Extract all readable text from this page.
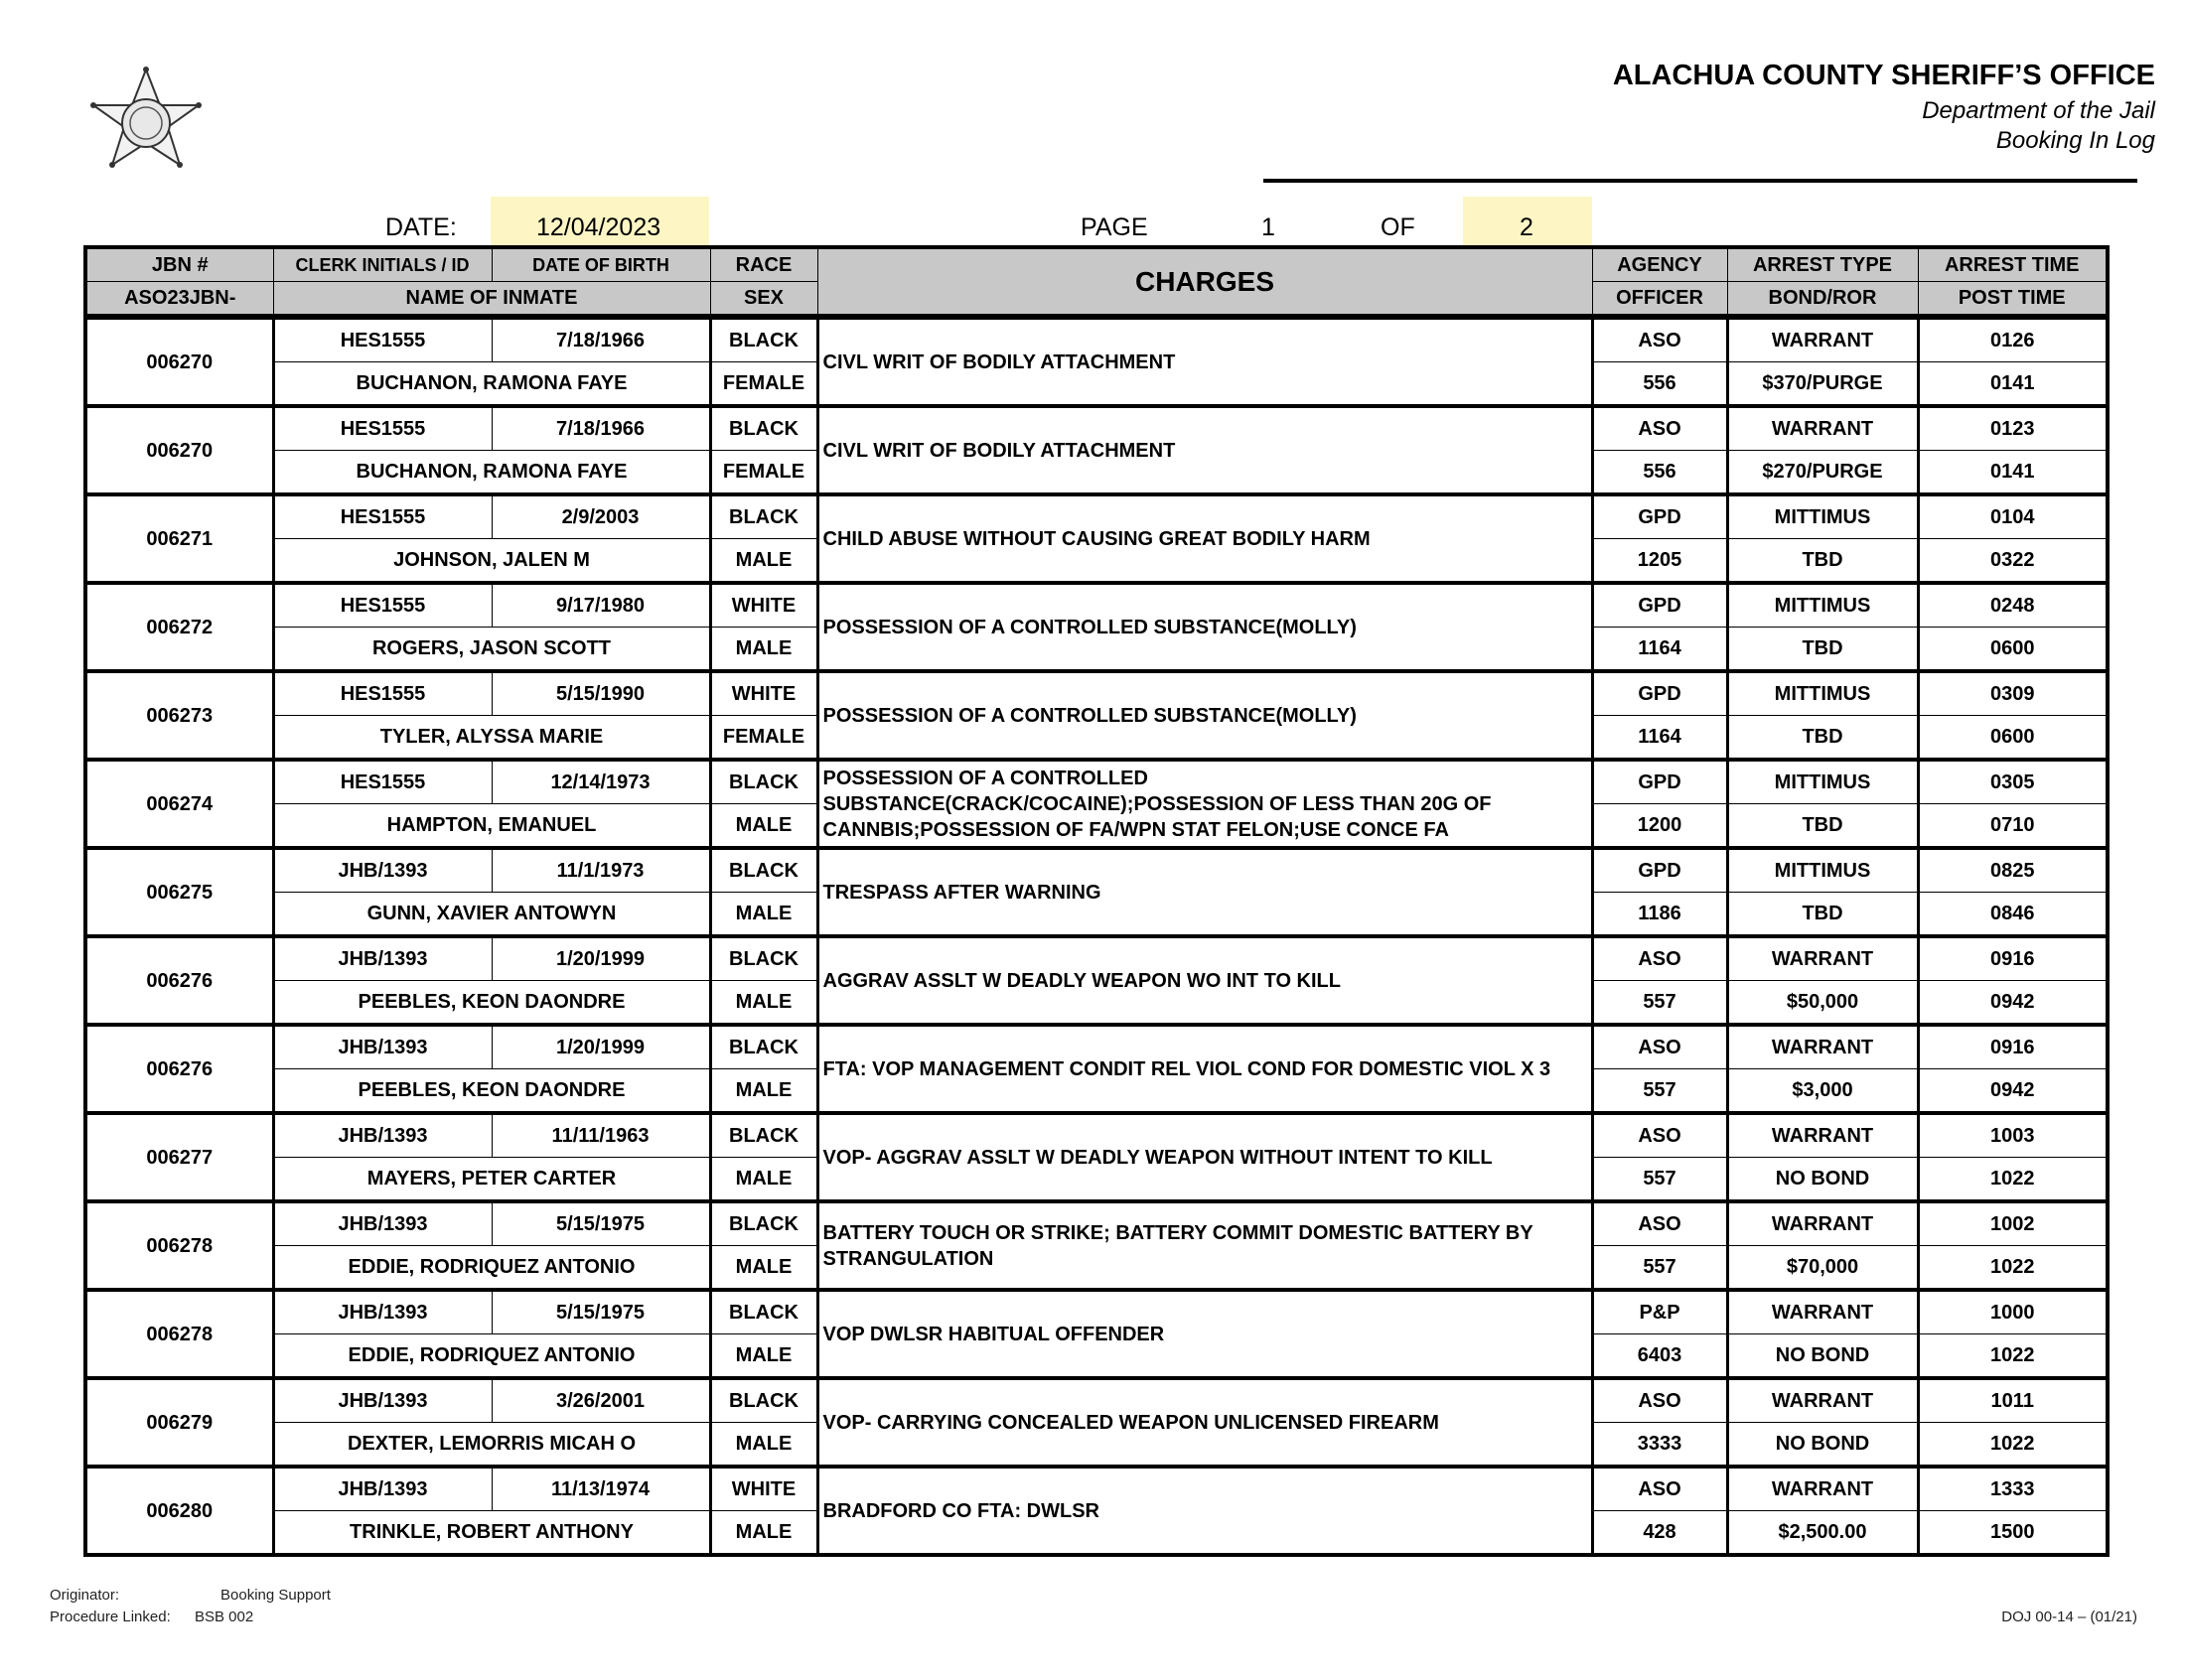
ALACHUA COUNTY SHERIFF’S OFFICE
Department of the Jail
Booking In Log
DATE:	12/04/2023	PAGE	1	OF	2
JBN #	CLERK INITIALS / ID	DATE OF BIRTH	RACE	CHARGES	AGENCY	ARREST TYPE	ARREST TIME
ASO23JBN-	NAME OF INMATE		SEX		OFFICER	BOND/ROR	POST TIME
006270	HES1555	7/18/1966	BLACK	CIVL WRIT OF BODILY ATTACHMENT	ASO	WARRANT	0126
	BUCHANON, RAMONA FAYE		FEMALE		556	$370/PURGE	0141
006270	HES1555	7/18/1966	BLACK	CIVL WRIT OF BODILY ATTACHMENT	ASO	WARRANT	0123
	BUCHANON, RAMONA FAYE		FEMALE		556	$270/PURGE	0141
006271	HES1555	2/9/2003	BLACK	CHILD ABUSE WITHOUT CAUSING GREAT BODILY HARM	GPD	MITTIMUS	0104
	JOHNSON, JALEN M		MALE		1205	TBD	0322
006272	HES1555	9/17/1980	WHITE	POSSESSION OF A CONTROLLED SUBSTANCE(MOLLY)	GPD	MITTIMUS	0248
	ROGERS, JASON SCOTT		MALE		1164	TBD	0600
006273	HES1555	5/15/1990	WHITE	POSSESSION OF A CONTROLLED SUBSTANCE(MOLLY)	GPD	MITTIMUS	0309
	TYLER, ALYSSA MARIE		FEMALE		1164	TBD	0600
006274	HES1555	12/14/1973	BLACK	POSSESSION OF A CONTROLLED SUBSTANCE(CRACK/COCAINE);POSSESSION OF LESS THAN 20G OF CANNBIS;POSSESSION OF FA/WPN STAT FELON;USE CONCE FA	GPD	MITTIMUS	0305
	HAMPTON, EMANUEL		MALE		1200	TBD	0710
006275	JHB/1393	11/1/1973	BLACK	TRESPASS AFTER WARNING	GPD	MITTIMUS	0825
	GUNN, XAVIER ANTOWYN		MALE		1186	TBD	0846
006276	JHB/1393	1/20/1999	BLACK	AGGRAV ASSLT W DEADLY WEAPON WO INT TO KILL	ASO	WARRANT	0916
	PEEBLES, KEON DAONDRE		MALE		557	$50,000	0942
006276	JHB/1393	1/20/1999	BLACK	FTA: VOP MANAGEMENT CONDIT REL VIOL COND FOR DOMESTIC VIOL X 3	ASO	WARRANT	0916
	PEEBLES, KEON DAONDRE		MALE		557	$3,000	0942
006277	JHB/1393	11/11/1963	BLACK	VOP- AGGRAV ASSLT W DEADLY WEAPON WITHOUT INTENT TO KILL	ASO	WARRANT	1003
	MAYERS, PETER CARTER		MALE		557	NO BOND	1022
006278	JHB/1393	5/15/1975	BLACK	BATTERY TOUCH OR STRIKE; BATTERY COMMIT DOMESTIC BATTERY BY STRANGULATION	ASO	WARRANT	1002
	EDDIE, RODRIQUEZ ANTONIO		MALE		557	$70,000	1022
006278	JHB/1393	5/15/1975	BLACK	VOP DWLSR HABITUAL OFFENDER	P&P	WARRANT	1000
	EDDIE, RODRIQUEZ ANTONIO		MALE		6403	NO BOND	1022
006279	JHB/1393	3/26/2001	BLACK	VOP- CARRYING CONCEALED WEAPON UNLICENSED FIREARM	ASO	WARRANT	1011
	DEXTER, LEMORRIS MICAH O		MALE		3333	NO BOND	1022
006280	JHB/1393	11/13/1974	WHITE	BRADFORD CO FTA: DWLSR	ASO	WARRANT	1333
	TRINKLE, ROBERT ANTHONY		MALE		428	$2,500.00	1500
Originator:	Booking Support
Procedure Linked: BSB 002	DOJ 00-14 – (01/21)
